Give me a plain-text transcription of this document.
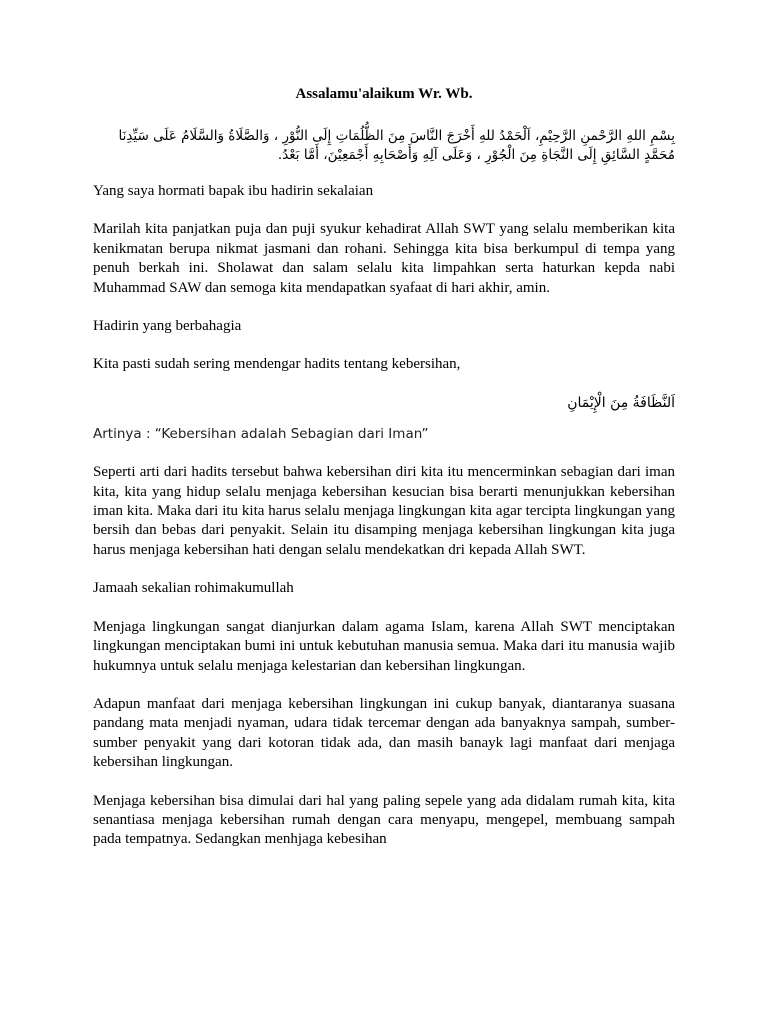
Assalamu'alaikum Wr. Wb.
بِسْمِ اللهِ الرَّحْمنِ الرَّحِيْمِ، اَلْحَمْدُ للهِ أَخْرَجَ النَّاسَ مِنَ الظُّلُمَاتِ إِلَى النُّوْرِ ، وَالصَّلَاةُ وَالسَّلَامُ عَلَى سَيِّدِنَا مُحَمَّدٍ السَّائِقِ إِلَى النَّجَاةِ مِنَ الْجُوْرِ ، وَعَلَى آلِهِ وَأَصْحَابِهِ أَجْمَعِيْنَ، أَمَّا بَعْدُ.

Yang saya hormati bapak ibu hadirin sekalaian

Marilah kita panjatkan puja dan puji syukur kehadirat Allah SWT yang selalu memberikan kita kenikmatan berupa nikmat jasmani dan rohani. Sehingga kita bisa berkumpul di tempa yang penuh berkah ini. Sholawat dan salam selalu kita limpahkan serta haturkan kepda nabi Muhammad SAW dan semoga kita mendapatkan syafaat di hari akhir, amin.

Hadirin yang berbahagia

Kita pasti sudah sering mendengar hadits tentang kebersihan,

اَلنَّظَافَةُ مِنَ الْإِيْمَانِ

Artinya : “Kebersihan adalah Sebagian dari Iman”

Seperti arti dari hadits tersebut bahwa kebersihan diri kita itu mencerminkan sebagian dari iman kita, kita yang hidup selalu menjaga kebersihan kesucian bisa berarti menunjukkan kebersihan iman kita. Maka dari itu kita harus selalu menjaga lingkungan kita agar tercipta lingkungan yang bersih dan bebas dari penyakit. Selain itu disamping menjaga kebersihan lingkungan kita juga harus menjaga kebersihan hati dengan selalu mendekatkan dri kepada Allah SWT.

Jamaah sekalian rohimakumullah

Menjaga lingkungan sangat dianjurkan dalam agama Islam, karena Allah SWT menciptakan lingkungan menciptakan bumi ini untuk kebutuhan manusia semua. Maka dari itu manusia wajib hukumnya untuk selalu menjaga kelestarian dan kebersihan lingkungan.

Adapun manfaat dari menjaga kebersihan lingkungan ini cukup banyak, diantaranya suasana pandang mata menjadi nyaman, udara tidak tercemar dengan ada banyaknya sampah, sumber-sumber penyakit yang dari kotoran tidak ada, dan masih banayk lagi manfaat dari menjaga kebersihan lingkungan.

Menjaga kebersihan bisa dimulai dari hal yang paling sepele yang ada didalam rumah kita, kita senantiasa menjaga kebersihan rumah dengan cara menyapu, mengepel, membuang sampah pada tempatnya. Sedangkan menhjaga kebesihan
